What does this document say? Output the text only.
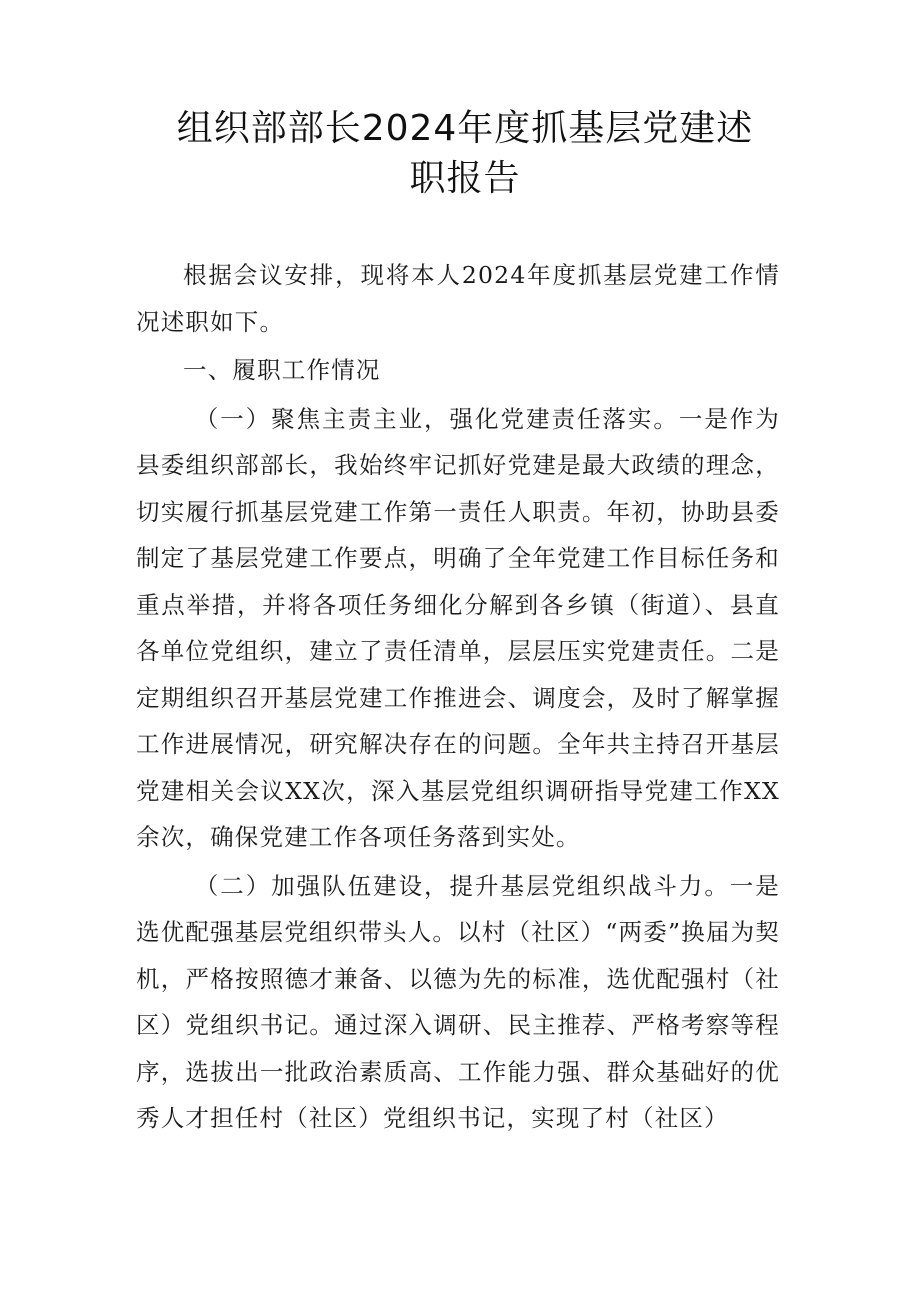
组织部部长2024年度抓基层党建述职报告

根据会议安排，现将本人2024年度抓基层党建工作情况述职如下。

一、履职工作情况

（一）聚焦主责主业，强化党建责任落实。一是作为县委组织部部长，我始终牢记抓好党建是最大政绩的理念，切实履行抓基层党建工作第一责任人职责。年初，协助县委制定了基层党建工作要点，明确了全年党建工作目标任务和重点举措，并将各项任务细化分解到各乡镇（街道）、县直各单位党组织，建立了责任清单，层层压实党建责任。二是定期组织召开基层党建工作推进会、调度会，及时了解掌握工作进展情况，研究解决存在的问题。全年共主持召开基层党建相关会议XX次，深入基层党组织调研指导党建工作XX余次，确保党建工作各项任务落到实处。

（二）加强队伍建设，提升基层党组织战斗力。一是选优配强基层党组织带头人。以村（社区）“两委”换届为契机，严格按照德才兼备、以德为先的标准，选优配强村（社区）党组织书记。通过深入调研、民主推荐、严格考察等程序，选拔出一批政治素质高、工作能力强、群众基础好的优秀人才担任村（社区）党组织书记，实现了村（社区）
